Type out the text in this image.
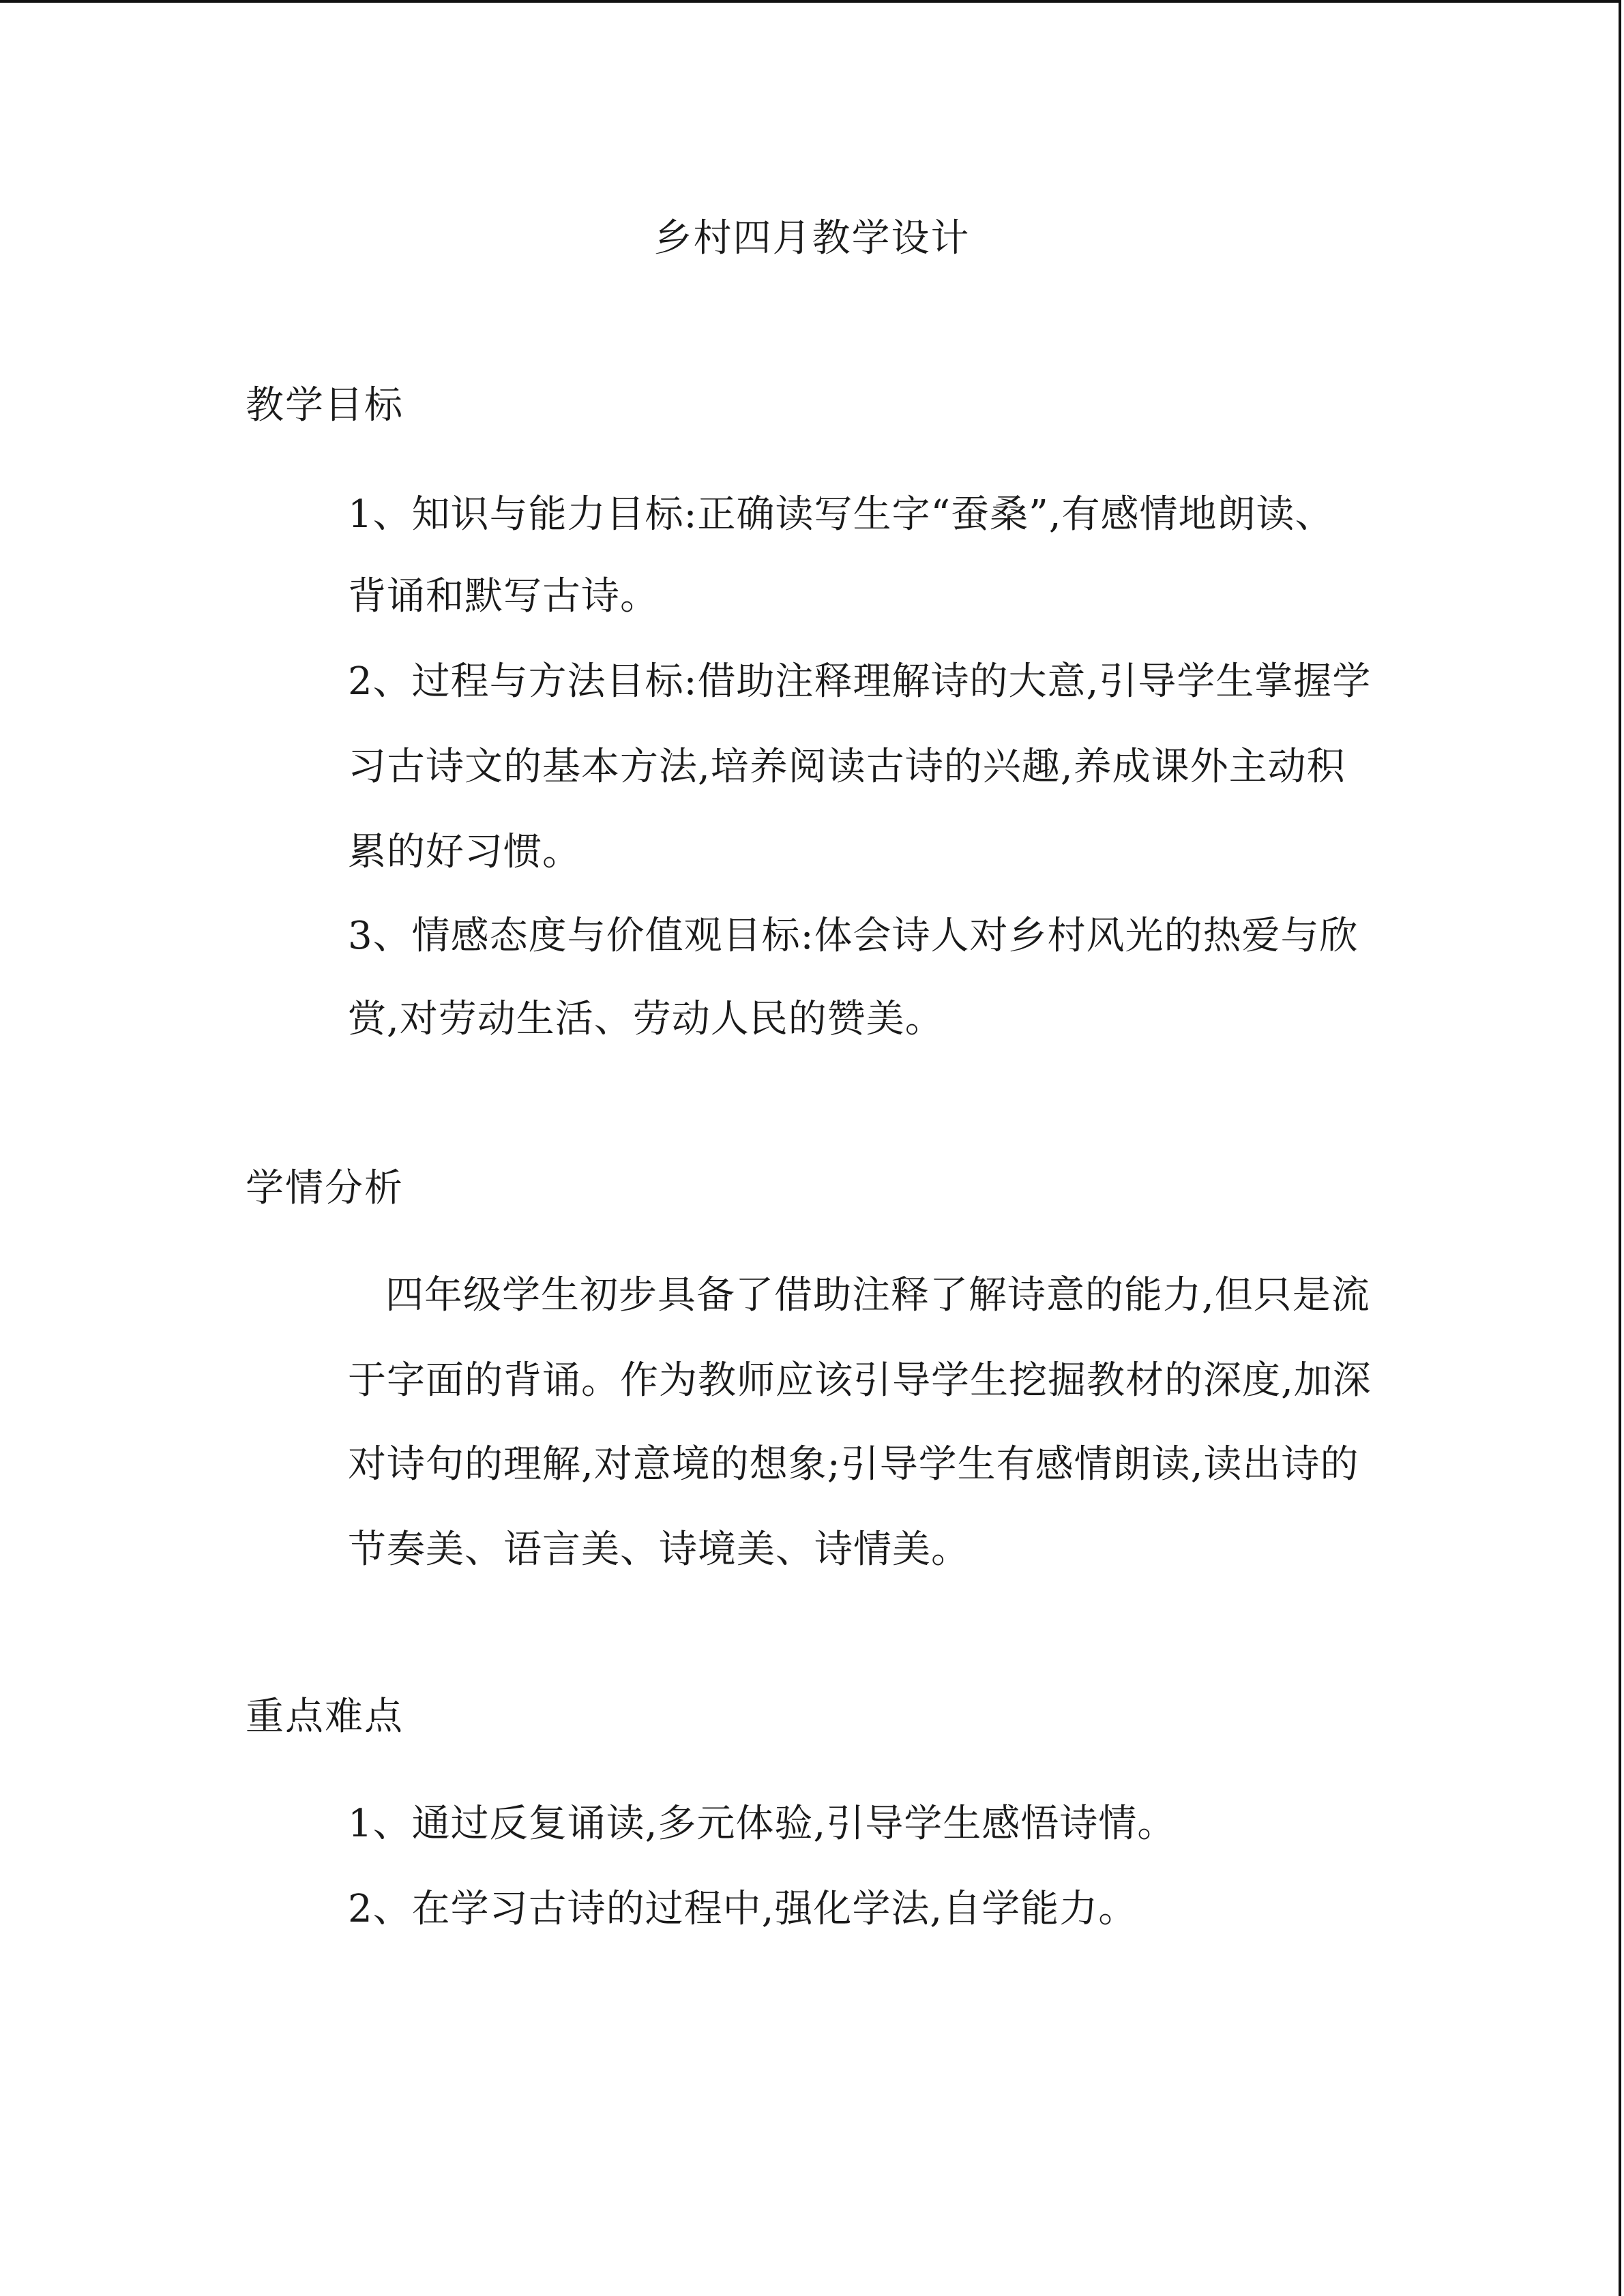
乡村四月教学设计
教学目标
1、知识与能力目标:正确读写生字“蚕桑”,有感情地朗读、
背诵和默写古诗。
2、过程与方法目标:借助注释理解诗的大意,引导学生掌握学
习古诗文的基本方法,培养阅读古诗的兴趣,养成课外主动积
累的好习惯。
3、情感态度与价值观目标:体会诗人对乡村风光的热爱与欣
赏,对劳动生活、劳动人民的赞美。
学情分析
四年级学生初步具备了借助注释了解诗意的能力,但只是流
于字面的背诵。作为教师应该引导学生挖掘教材的深度,加深
对诗句的理解,对意境的想象;引导学生有感情朗读,读出诗的
节奏美、语言美、诗境美、诗情美。
重点难点
1、通过反复诵读,多元体验,引导学生感悟诗情。
2、在学习古诗的过程中,强化学法,自学能力。
